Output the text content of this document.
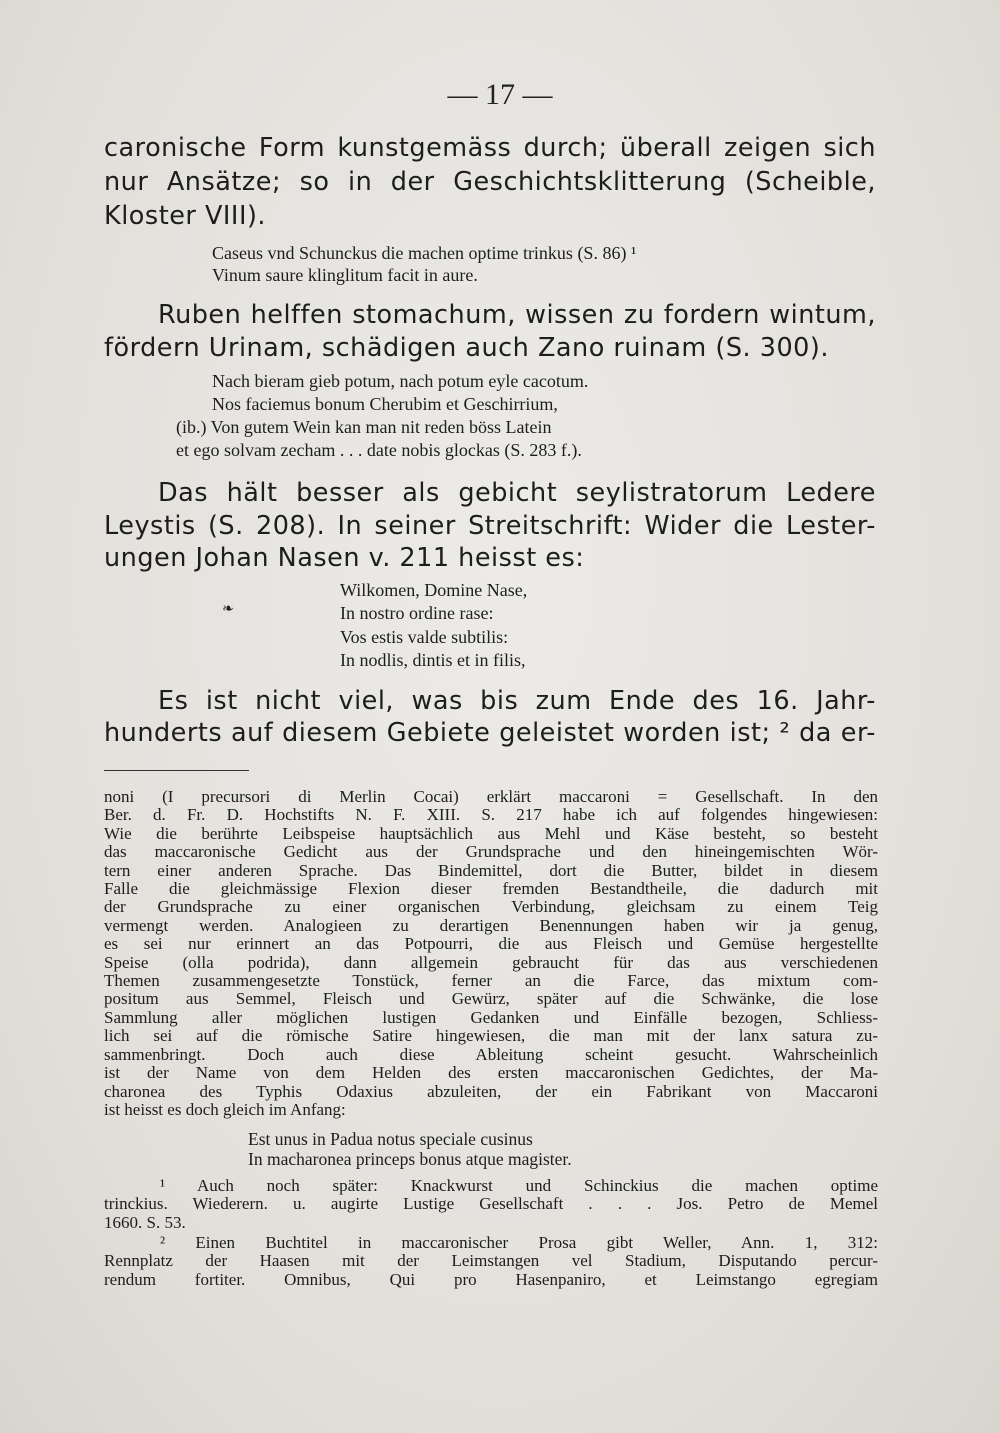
— 17 —
caronische Form kunstgemäss durch; überall zeigen sich
nur Ansätze; so in der Geschichtsklitterung (Scheible,
Kloster VIII).
Caseus vnd Schunckus die machen optime trinkus (S. 86) ¹
Vinum saure klinglitum facit in aure.
Ruben helffen stomachum, wissen zu fordern wintum,
fördern Urinam, schädigen auch Zano ruinam (S. 300).
Nach bieram gieb potum, nach potum eyle cacotum.
Nos faciemus bonum Cherubim et Geschirrium,
(ib.) Von gutem Wein kan man nit reden böss Latein
et ego solvam zecham . . . date nobis glockas (S. 283 f.).
Das hält besser als gebicht seylistratorum Ledere
Leystis (S. 208). In seiner Streitschrift: Wider die Lester-
ungen Johan Nasen v. 211 heisst es:
❧
Wilkomen, Domine Nase,
In nostro ordine rase:
Vos estis valde subtilis:
In nodlis, dintis et in filis,
Es ist nicht viel, was bis zum Ende des 16. Jahr-
hunderts auf diesem Gebiete geleistet worden ist; ² da er-
noni (I precursori di Merlin Cocai) erklärt maccaroni = Gesellschaft. In den
Ber. d. Fr. D. Hochstifts N. F. XIII. S. 217 habe ich auf folgendes hingewiesen:
Wie die berührte Leibspeise hauptsächlich aus Mehl und Käse besteht, so besteht
das maccaronische Gedicht aus der Grundsprache und den hineingemischten Wör-
tern einer anderen Sprache. Das Bindemittel, dort die Butter, bildet in diesem
Falle die gleichmässige Flexion dieser fremden Bestandtheile, die dadurch mit
der Grundsprache zu einer organischen Verbindung, gleichsam zu einem Teig
vermengt werden. Analogieen zu derartigen Benennungen haben wir ja genug,
es sei nur erinnert an das Potpourri, die aus Fleisch und Gemüse hergestellte
Speise (olla podrida), dann allgemein gebraucht für das aus verschiedenen
Themen zusammengesetzte Tonstück, ferner an die Farce, das mixtum com-
positum aus Semmel, Fleisch und Gewürz, später auf die Schwänke, die lose
Sammlung aller möglichen lustigen Gedanken und Einfälle bezogen, Schliess-
lich sei auf die römische Satire hingewiesen, die man mit der lanx satura zu-
sammenbringt. Doch auch diese Ableitung scheint gesucht. Wahrscheinlich
ist der Name von dem Helden des ersten maccaronischen Gedichtes, der Ma-
charonea des Typhis Odaxius abzuleiten, der ein Fabrikant von Maccaroni
ist heisst es doch gleich im Anfang:
Est unus in Padua notus speciale cusinus
In macharonea princeps bonus atque magister.
¹ Auch noch später: Knackwurst und Schinckius die machen optime
trinckius. Wiederern. u. augirte Lustige Gesellschaft . . . Jos. Petro de Memel
1660. S. 53.
² Einen Buchtitel in maccaronischer Prosa gibt Weller, Ann. 1, 312:
Rennplatz der Haasen mit der Leimstangen vel Stadium, Disputando percur-
rendum fortiter. Omnibus, Qui pro Hasenpaniro, et Leimstango egregiam
